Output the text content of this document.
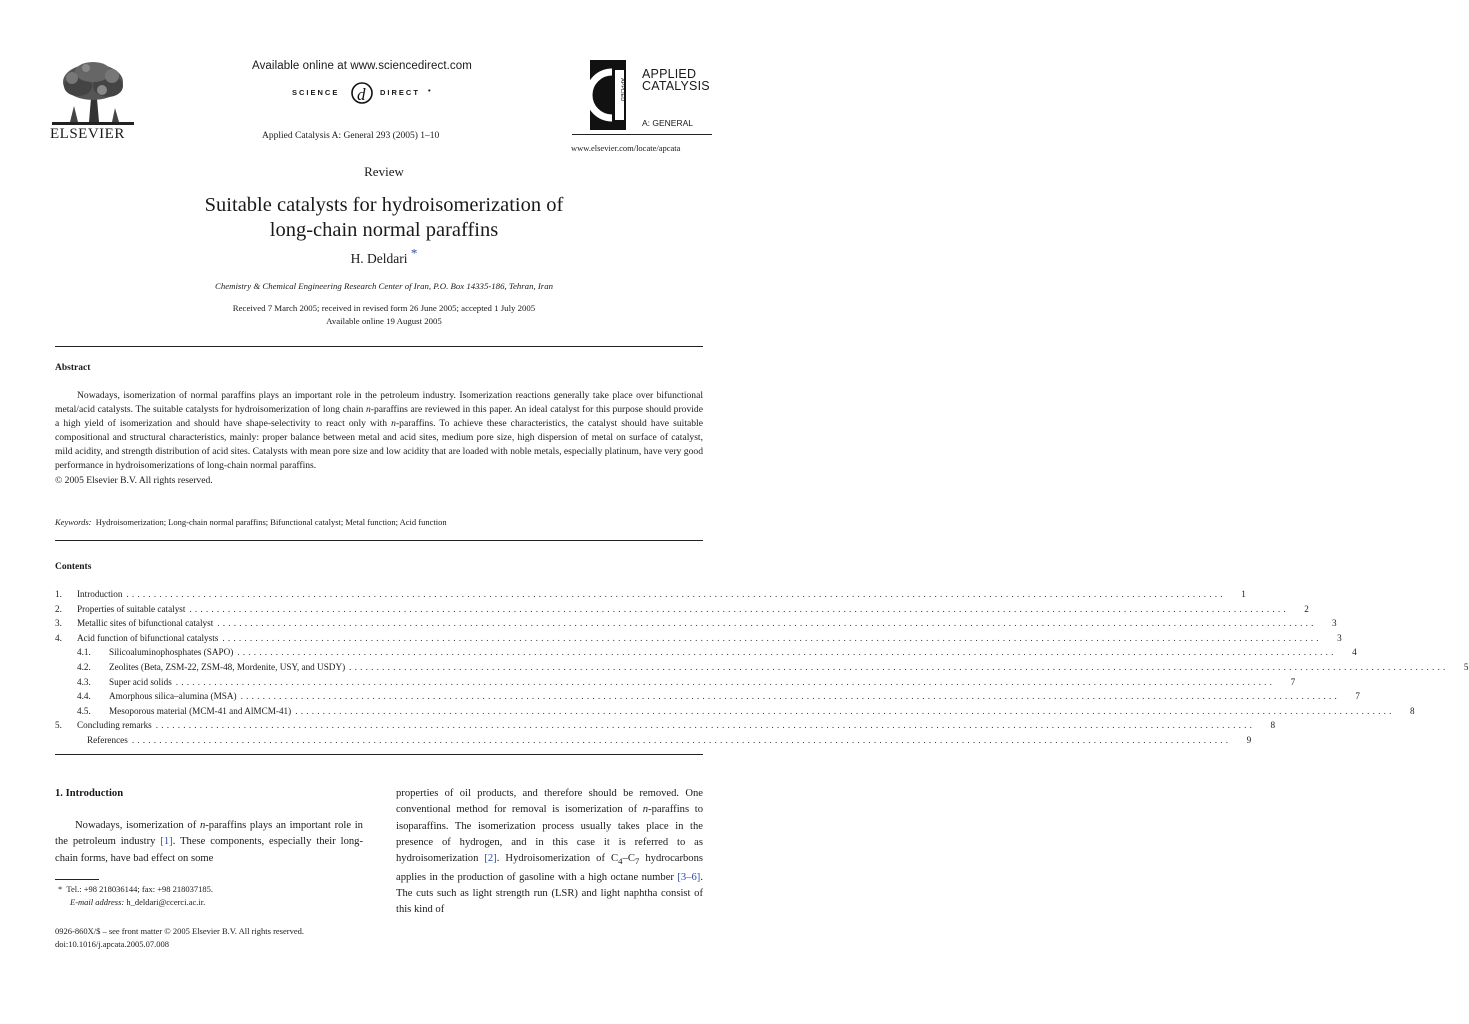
ELSEVIER
Available online at www.sciencedirect.com
SCIENCE d DIRECT •
Applied Catalysis A: General 293 (2005) 1–10
APPLIED
APPLIED
CATALYSIS
A: GENERAL
www.elsevier.com/locate/apcata
Review
Suitable catalysts for hydroisomerization of
long-chain normal paraffins
H. Deldari *
Chemistry & Chemical Engineering Research Center of Iran, P.O. Box 14335-186, Tehran, Iran
Received 7 March 2005; received in revised form 26 June 2005; accepted 1 July 2005
Available online 19 August 2005
Abstract

Nowadays, isomerization of normal paraffins plays an important role in the petroleum industry. Isomerization reactions generally take place over bifunctional metal/acid catalysts. The suitable catalysts for hydroisomerization of long chain n-paraffins are reviewed in this paper. An ideal catalyst for this purpose should provide a high yield of isomerization and should have shape-selectivity to react only with n-paraffins. To achieve these characteristics, the catalyst should have suitable compositional and structural characteristics, mainly: proper balance between metal and acid sites, medium pore size, high dispersion of metal on surface of catalyst, mild acidity, and strength distribution of acid sites. Catalysts with mean pore size and low acidity that are loaded with noble metals, especially platinum, have very good performance in hydroisomerizations of long-chain normal paraffins.

© 2005 Elsevier B.V. All rights reserved.
Keywords: Hydroisomerization; Long-chain normal paraffins; Bifunctional catalyst; Metal function; Acid function
Contents
1.	Introduction ........................................................................................................................................................................................................	1
2.	Properties of suitable catalyst ........................................................................................................................................................................................................	2
3.	Metallic sites of bifunctional catalyst ........................................................................................................................................................................................................	3
4.	Acid function of bifunctional catalysts ........................................................................................................................................................................................................	3
4.1.	Silicoaluminophosphates (SAPO) ........................................................................................................................................................................................................	4
4.2.	Zeolites (Beta, ZSM-22, ZSM-48, Mordenite, USY, and USDY) ........................................................................................................................................................................................................	5
4.3.	Super acid solids ........................................................................................................................................................................................................	7
4.4.	Amorphous silica–alumina (MSA) ........................................................................................................................................................................................................	7
4.5.	Mesoporous material (MCM-41 and AlMCM-41) ........................................................................................................................................................................................................	8
5.	Concluding remarks ........................................................................................................................................................................................................	8
References ........................................................................................................................................................................................................	9
1. Introduction

Nowadays, isomerization of n-paraffins plays an important role in the petroleum industry [1]. These components, especially their long-chain forms, have bad effect on some

properties of oil products, and therefore should be removed. One conventional method for removal is isomerization of n-paraffins to isoparaffins. The isomerization process usually takes place in the presence of hydrogen, and in this case it is referred to as hydroisomerization [2]. Hydroisomerization of $C_4-C_7$ hydrocarbons applies in the production of gasoline with a high octane number [3–6]. The cuts such as light strength run (LSR) and light naphtha consist of this kind of

* Tel.: +98 218036144; fax: +98 218037185.
E-mail address: h_deldari@ccerci.ac.ir.
0926-860X/$ – see front matter © 2005 Elsevier B.V. All rights reserved.
doi:10.1016/j.apcata.2005.07.008
